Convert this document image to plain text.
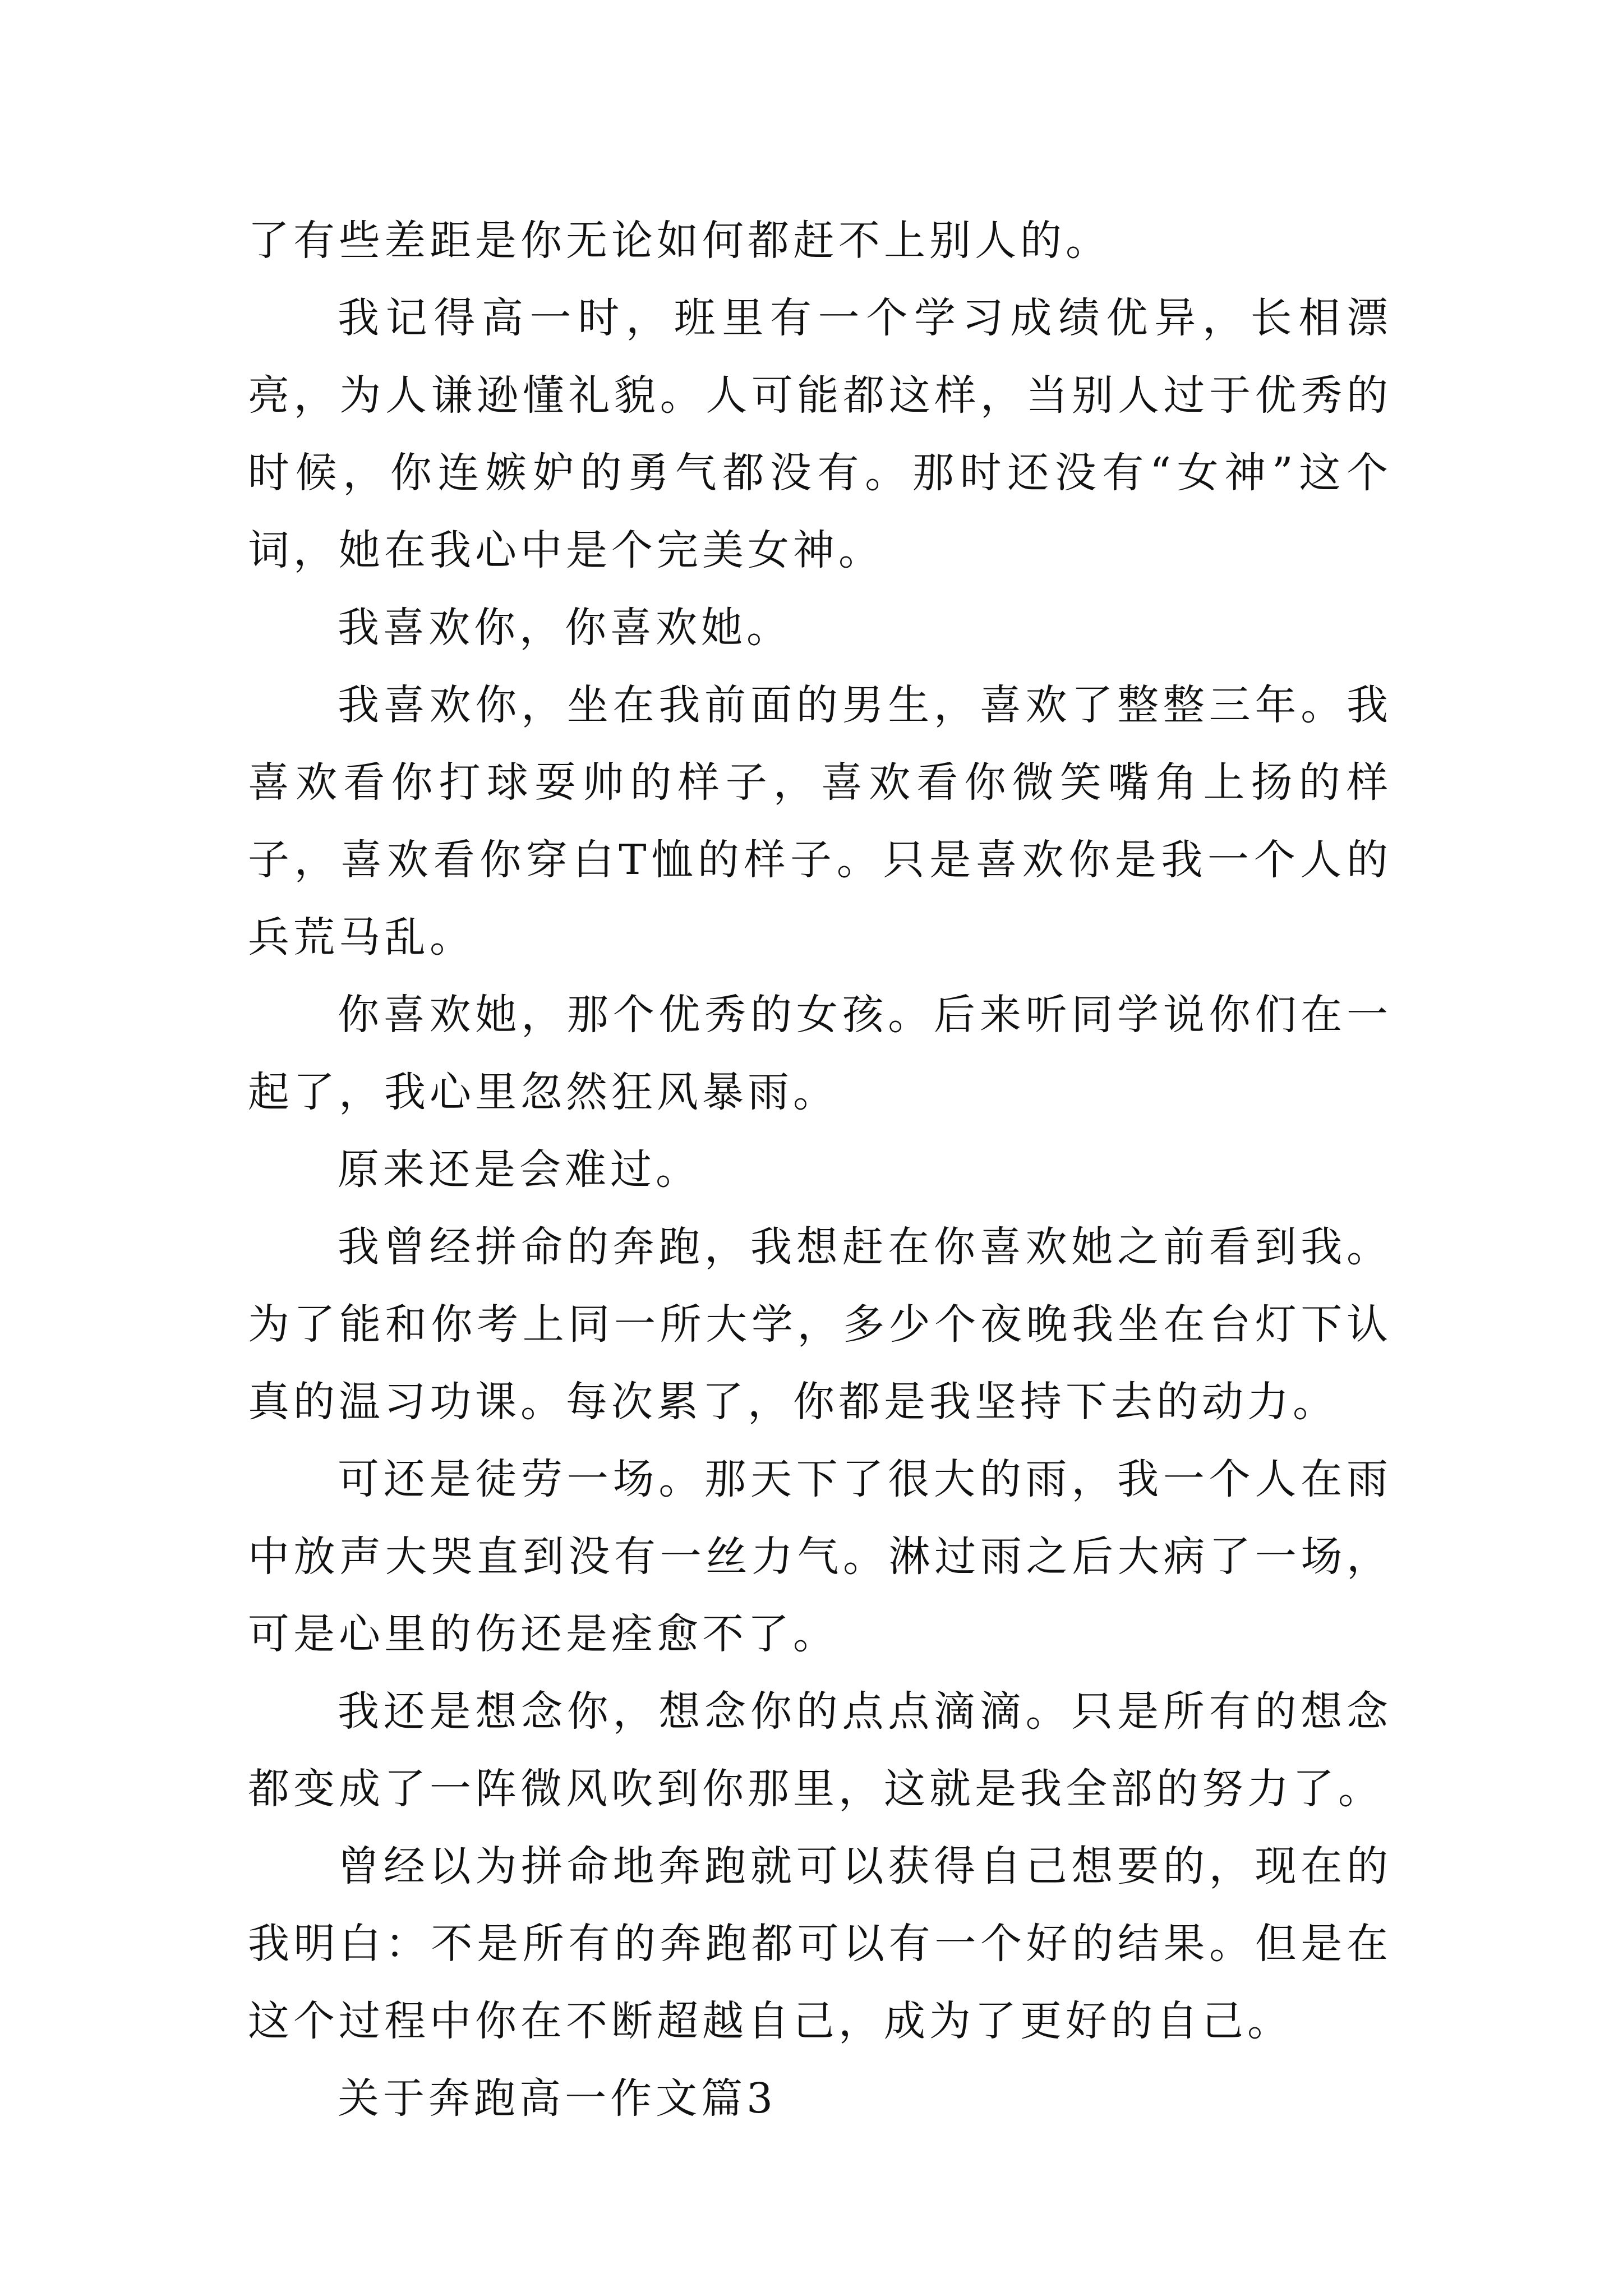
了有些差距是你无论如何都赶不上别人的。

我记得高一时，班里有一个学习成绩优异，长相漂亮，为人谦逊懂礼貌。人可能都这样，当别人过于优秀的时候，你连嫉妒的勇气都没有。那时还没有“女神”这个词，她在我心中是个完美女神。

我喜欢你，你喜欢她。

我喜欢你，坐在我前面的男生，喜欢了整整三年。我喜欢看你打球耍帅的样子，喜欢看你微笑嘴角上扬的样子，喜欢看你穿白T恤的样子。只是喜欢你是我一个人的兵荒马乱。

你喜欢她，那个优秀的女孩。后来听同学说你们在一起了，我心里忽然狂风暴雨。

原来还是会难过。

我曾经拼命的奔跑，我想赶在你喜欢她之前看到我。为了能和你考上同一所大学，多少个夜晚我坐在台灯下认真的温习功课。每次累了，你都是我坚持下去的动力。

可还是徒劳一场。那天下了很大的雨，我一个人在雨中放声大哭直到没有一丝力气。淋过雨之后大病了一场，可是心里的伤还是痊愈不了。

我还是想念你，想念你的点点滴滴。只是所有的想念都变成了一阵微风吹到你那里，这就是我全部的努力了。

曾经以为拼命地奔跑就可以获得自己想要的，现在的我明白：不是所有的奔跑都可以有一个好的结果。但是在这个过程中你在不断超越自己，成为了更好的自己。

关于奔跑高一作文篇3
